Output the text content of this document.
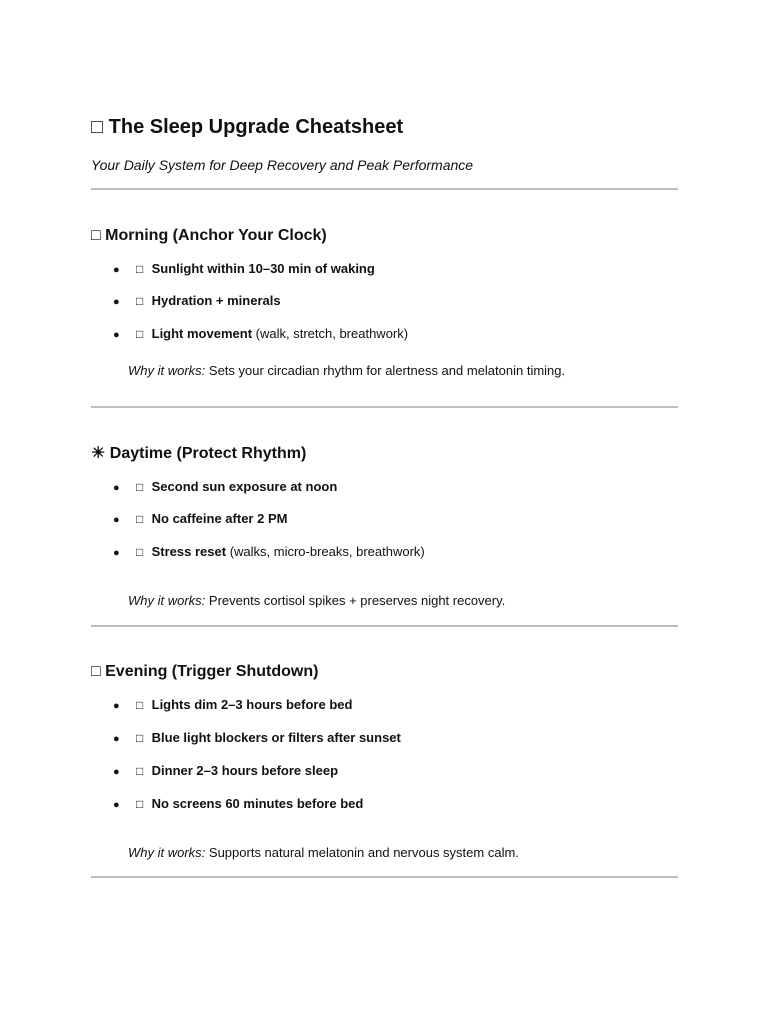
□ The Sleep Upgrade Cheatsheet

Your Daily System for Deep Recovery and Peak Performance

□ Morning (Anchor Your Clock)
● □ Sunlight within 10–30 min of waking
● □ Hydration + minerals
● □ Light movement (walk, stretch, breathwork)

Why it works: Sets your circadian rhythm for alertness and melatonin timing.

☀ Daytime (Protect Rhythm)
● □ Second sun exposure at noon
● □ No caffeine after 2 PM
● □ Stress reset (walks, micro-breaks, breathwork)

Why it works: Prevents cortisol spikes + preserves night recovery.

□ Evening (Trigger Shutdown)
● □ Lights dim 2–3 hours before bed
● □ Blue light blockers or filters after sunset
● □ Dinner 2–3 hours before sleep
● □ No screens 60 minutes before bed

Why it works: Supports natural melatonin and nervous system calm.
